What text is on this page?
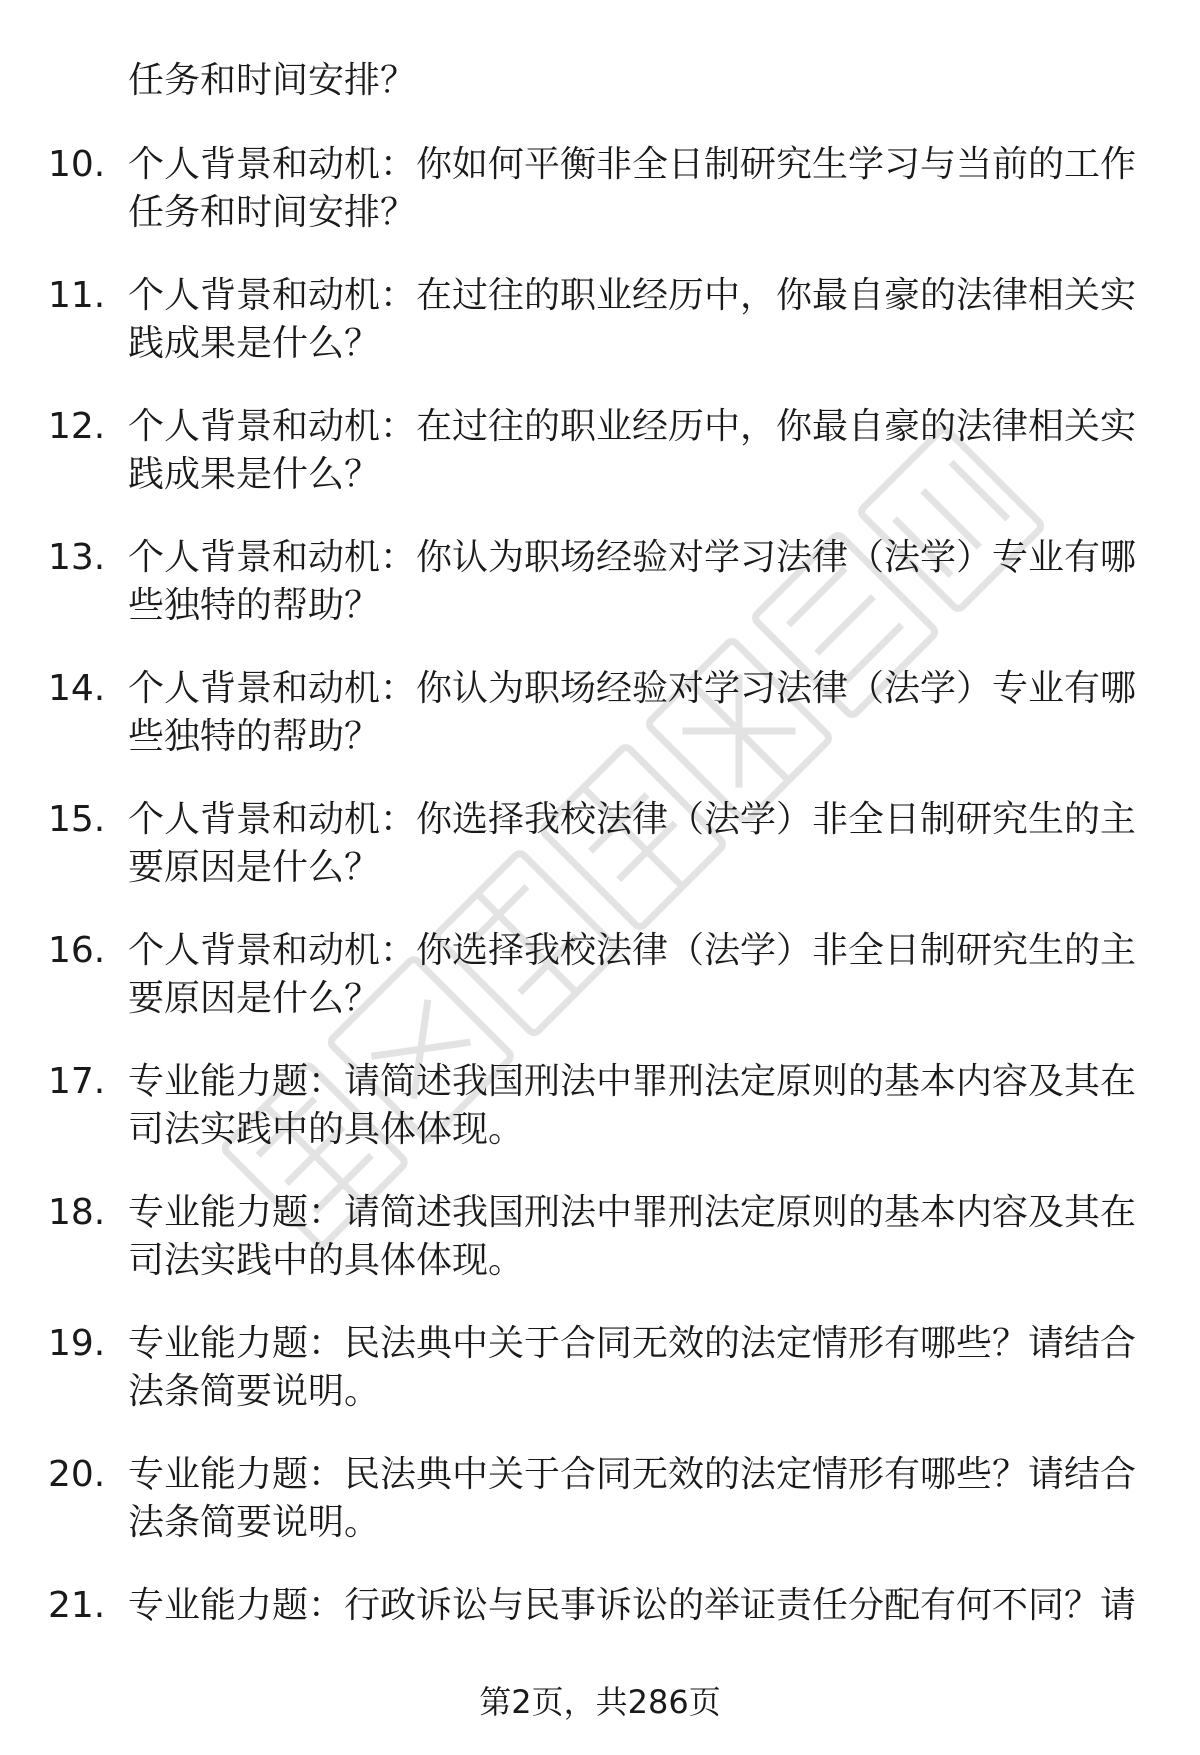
任务和时间安排？
10. 个人背景和动机：你如何平衡非全日制研究生学习与当前的工作
任务和时间安排？
11. 个人背景和动机：在过往的职业经历中，你最自豪的法律相关实
践成果是什么？
12. 个人背景和动机：在过往的职业经历中，你最自豪的法律相关实
践成果是什么？
13. 个人背景和动机：你认为职场经验对学习法律（法学）专业有哪
些独特的帮助？
14. 个人背景和动机：你认为职场经验对学习法律（法学）专业有哪
些独特的帮助？
15. 个人背景和动机：你选择我校法律（法学）非全日制研究生的主
要原因是什么？
16. 个人背景和动机：你选择我校法律（法学）非全日制研究生的主
要原因是什么？
17. 专业能力题：请简述我国刑法中罪刑法定原则的基本内容及其在
司法实践中的具体体现。
18. 专业能力题：请简述我国刑法中罪刑法定原则的基本内容及其在
司法实践中的具体体现。
19. 专业能力题：民法典中关于合同无效的法定情形有哪些？请结合
法条简要说明。
20. 专业能力题：民法典中关于合同无效的法定情形有哪些？请结合
法条简要说明。
21. 专业能力题：行政诉讼与民事诉讼的举证责任分配有何不同？请
第2页，共286页
